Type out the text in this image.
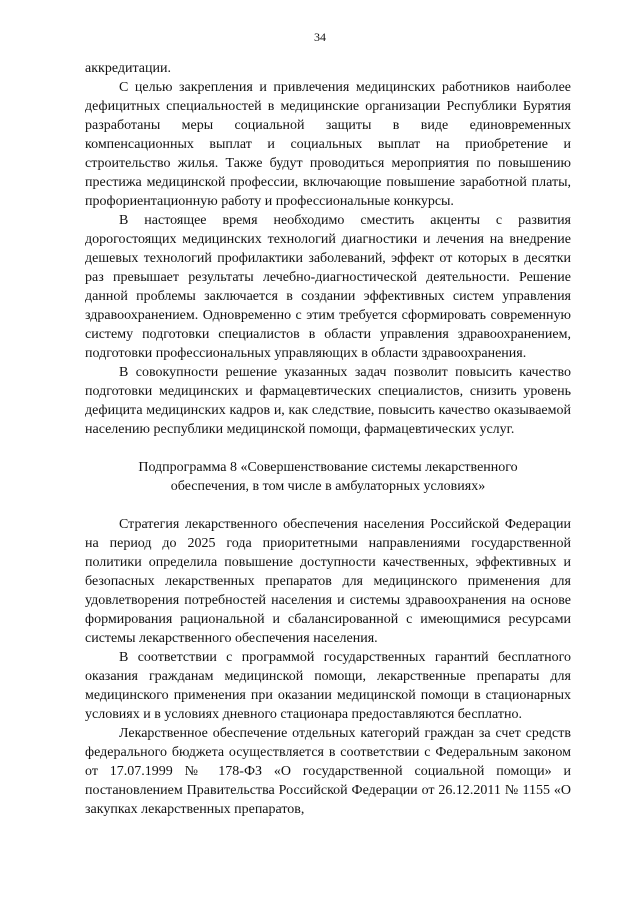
34

аккредитации.

С целью закрепления и привлечения медицинских работников наиболее дефицитных специальностей в медицинские организации Республики Бурятия разработаны меры социальной защиты в виде единовременных компенсационных выплат и социальных выплат на приобретение и строительство жилья. Также будут проводиться мероприятия по повышению престижа медицинской профессии, включающие повышение заработной платы, профориентационную работу и профессиональные конкурсы.

В настоящее время необходимо сместить акценты с развития дорогостоящих медицинских технологий диагностики и лечения на внедрение дешевых технологий профилактики заболеваний, эффект от которых в десятки раз превышает результаты лечебно-диагностической деятельности. Решение данной проблемы заключается в создании эффективных систем управления здравоохранением. Одновременно с этим требуется сформировать современную систему подготовки специалистов в области управления здравоохранением, подготовки профессиональных управляющих в области здравоохранения.

В совокупности решение указанных задач позволит повысить качество подготовки медицинских и фармацевтических специалистов, снизить уровень дефицита медицинских кадров и, как следствие, повысить качество оказываемой населению республики медицинской помощи, фармацевтических услуг.

Подпрограмма 8 «Совершенствование системы лекарственного обеспечения, в том числе в амбулаторных условиях»

Стратегия лекарственного обеспечения населения Российской Федерации на период до 2025 года приоритетными направлениями государственной политики определила повышение доступности качественных, эффективных и безопасных лекарственных препаратов для медицинского применения для удовлетворения потребностей населения и системы здравоохранения на основе формирования рациональной и сбалансированной с имеющимися ресурсами системы лекарственного обеспечения населения.

В соответствии с программой государственных гарантий бесплатного оказания гражданам медицинской помощи, лекарственные препараты для медицинского применения при оказании медицинской помощи в стационарных условиях и в условиях дневного стационара предоставляются бесплатно.

Лекарственное обеспечение отдельных категорий граждан за счет средств федерального бюджета осуществляется в соответствии с Федеральным законом от 17.07.1999 № 178-ФЗ «О государственной социальной помощи» и постановлением Правительства Российской Федерации от 26.12.2011 № 1155 «О закупках лекарственных препаратов,
